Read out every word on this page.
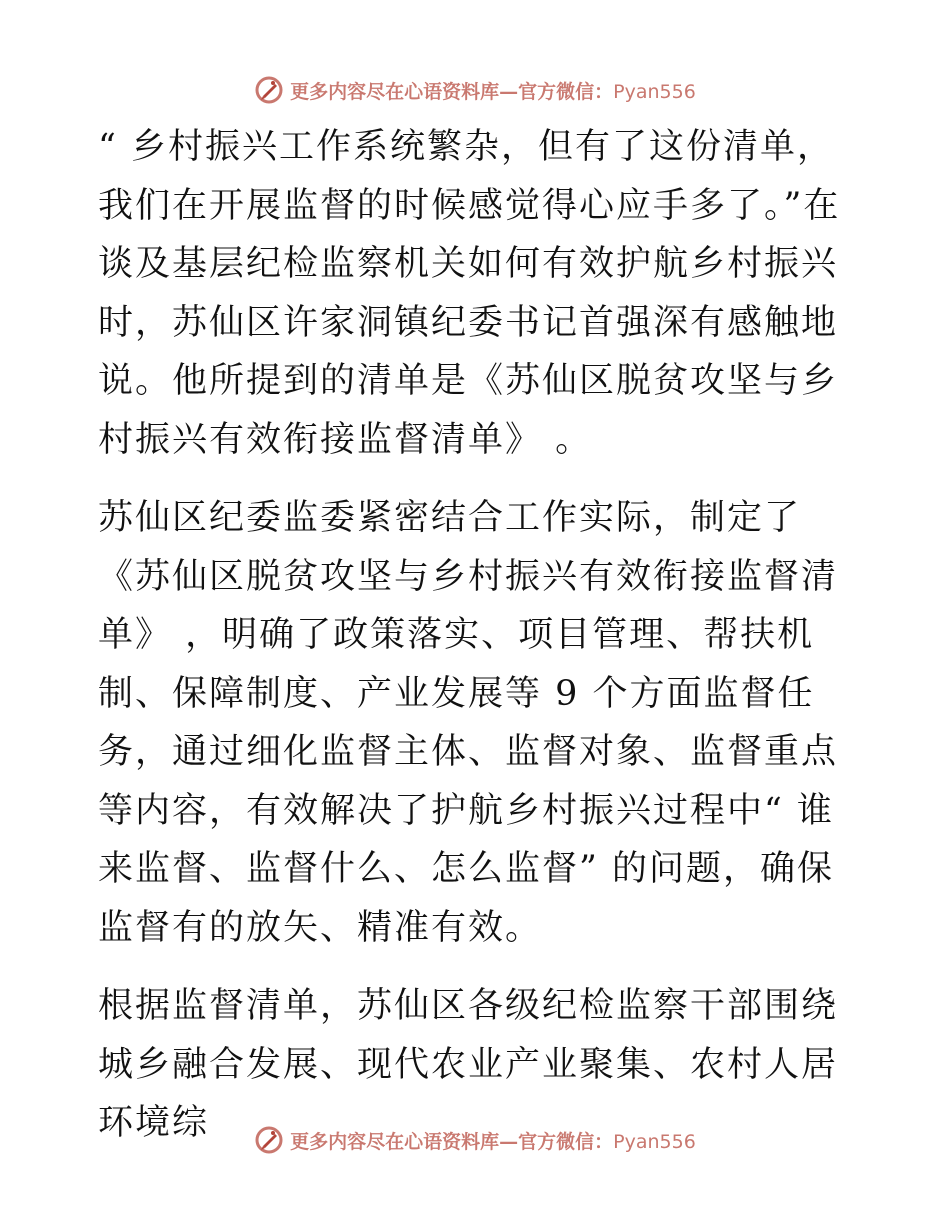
更多内容尽在心语资料库—官方微信：Pyan556

“ 乡村振兴工作系统繁杂，但有了这份清单，我们在开展监督的时候感觉得心应手多了。”在谈及基层纪检监察机关如何有效护航乡村振兴时，苏仙区许家洞镇纪委书记首强深有感触地说。他所提到的清单是《苏仙区脱贫攻坚与乡村振兴有效衔接监督清单》 。

苏仙区纪委监委紧密结合工作实际，制定了《苏仙区脱贫攻坚与乡村振兴有效衔接监督清单》 ，明确了政策落实、项目管理、帮扶机制、保障制度、产业发展等 9 个方面监督任务，通过细化监督主体、监督对象、监督重点等内容，有效解决了护航乡村振兴过程中“ 谁来监督、监督什么、怎么监督” 的问题，确保监督有的放矢、精准有效。

根据监督清单，苏仙区各级纪检监察干部围绕城乡融合发展、现代农业产业聚集、农村人居环境综	更多内容尽在心语资料库—官方微信：Pyan556
